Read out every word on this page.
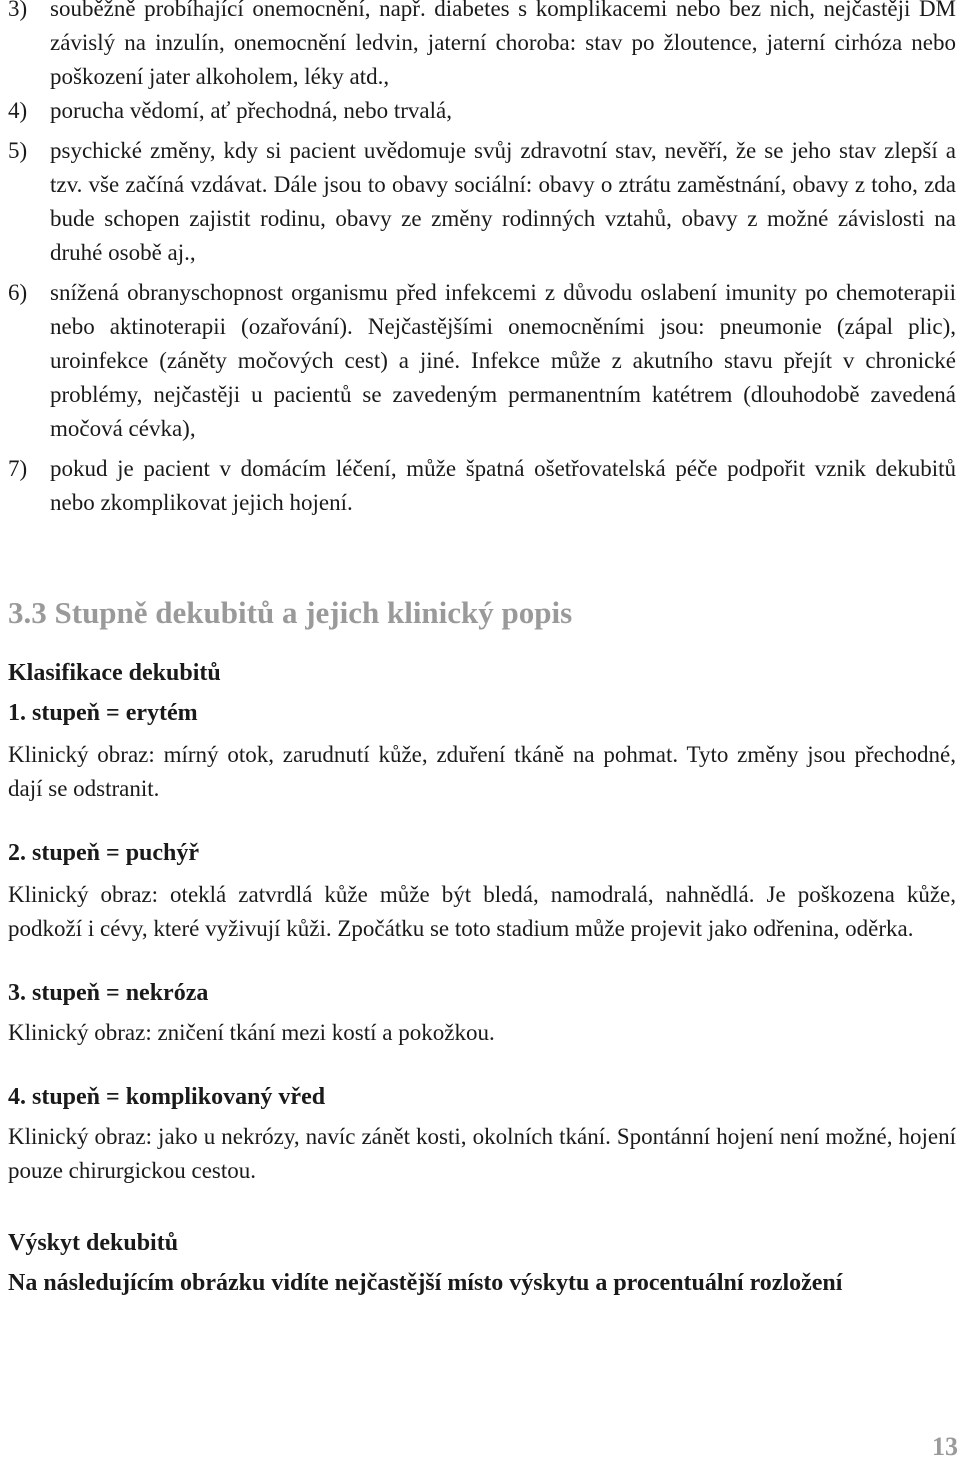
3) souběžně probíhající onemocnění, např. diabetes s komplikacemi nebo bez nich, nejčastěji DM závislý na inzulín, onemocnění ledvin, jaterní choroba: stav po žloutence, jaterní cirhóza nebo poškození jater alkoholem, léky atd.,
4) porucha vědomí, ať přechodná, nebo trvalá,
5) psychické změny, kdy si pacient uvědomuje svůj zdravotní stav, nevěří, že se jeho stav zlepší a tzv. vše začíná vzdávat. Dále jsou to obavy sociální: obavy o ztrátu zaměstnání, obavy z toho, zda bude schopen zajistit rodinu, obavy ze změny rodinných vztahů, obavy z možné závislosti na druhé osobě aj.,
6) snížená obranyschopnost organismu před infekcemi z důvodu oslabení imunity po chemoterapii nebo aktinoterapii (ozařování). Nejčastějšími onemocněními jsou: pneumonie (zápal plic), uroinfekce (záněty močových cest) a jiné. Infekce může z akutního stavu přejít v chronické problémy, nejčastěji u pacientů se zavedeným permanentním katétrem (dlouhodobě zavedená močová cévka),
7) pokud je pacient v domácím léčení, může špatná ošetřovatelská péče podpořit vznik dekubitů nebo zkomplikovat jejich hojení.
3.3 Stupně dekubitů a jejich klinický popis
Klasifikace dekubitů
1. stupeň = erytém

Klinický obraz: mírný otok, zarudnutí kůže, zduření tkáně na pohmat. Tyto změny jsou přechodné, dají se odstranit.

2. stupeň = puchýř

Klinický obraz: oteklá zatvrdlá kůže může být bledá, namodralá, nahnědlá. Je poškozena kůže, podkoží i cévy, které vyživují kůži. Zpočátku se toto stadium může projevit jako odřenina, oděrka.

3. stupeň = nekróza

Klinický obraz: zničení tkání mezi kostí a pokožkou.

4. stupeň = komplikovaný vřed

Klinický obraz: jako u nekrózy, navíc zánět kosti, okolních tkání. Spontánní hojení není možné, hojení pouze chirurgickou cestou.

Výskyt dekubitů

Na následujícím obrázku vidíte nejčastější místo výskytu a procentuální rozložení

13
